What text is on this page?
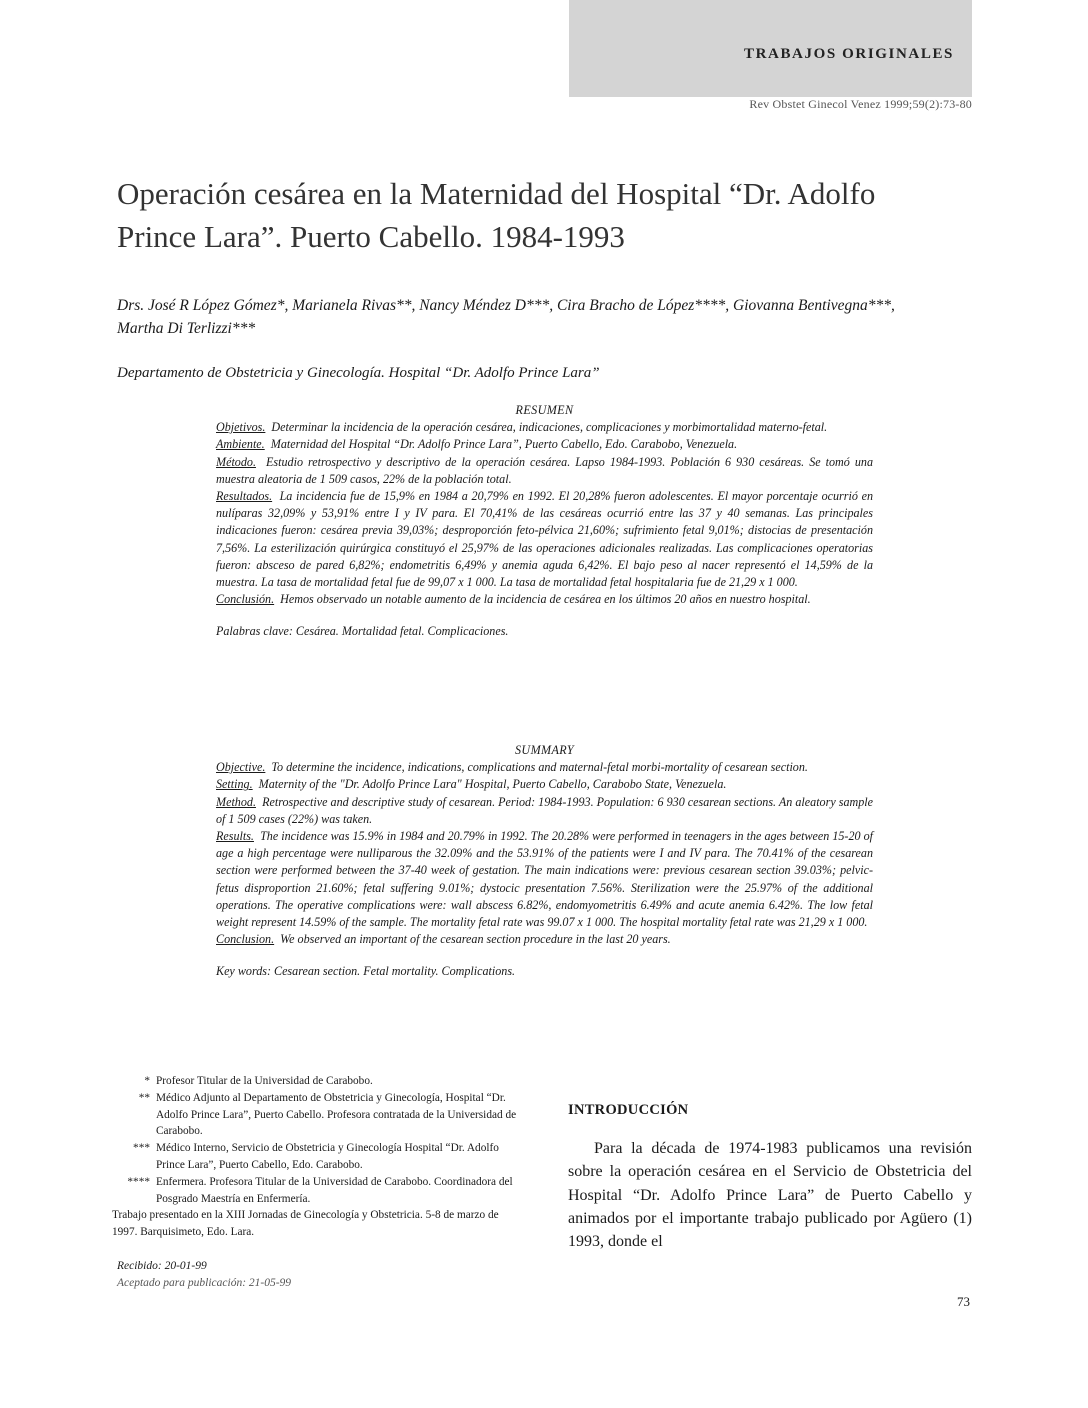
TRABAJOS ORIGINALES
Rev Obstet Ginecol Venez 1999;59(2):73-80
Operación cesárea en la Maternidad del Hospital “Dr. Adolfo Prince Lara”. Puerto Cabello. 1984-1993
Drs. José R López Gómez*, Marianela Rivas**, Nancy Méndez D***, Cira Bracho de López****, Giovanna Bentivegna***, Martha Di Terlizzi***
Departamento de Obstetricia y Ginecología. Hospital “Dr. Adolfo Prince Lara”

RESUMEN

Objetivos. Determinar la incidencia de la operación cesárea, indicaciones, complicaciones y morbimortalidad materno-fetal.

Ambiente. Maternidad del Hospital “Dr. Adolfo Prince Lara”, Puerto Cabello, Edo. Carabobo, Venezuela.

Método. Estudio retrospectivo y descriptivo de la operación cesárea. Lapso 1984-1993. Población 6 930 cesáreas. Se tomó una muestra aleatoria de 1 509 casos, 22% de la población total.

Resultados. La incidencia fue de 15,9% en 1984 a 20,79% en 1992. El 20,28% fueron adolescentes. El mayor porcentaje ocurrió en nulíparas 32,09% y 53,91% entre I y IV para. El 70,41% de las cesáreas ocurrió entre las 37 y 40 semanas. Las principales indicaciones fueron: cesárea previa 39,03%; desproporción feto-pélvica 21,60%; sufrimiento fetal 9,01%; distocias de presentación 7,56%. La esterilización quirúrgica constituyó el 25,97% de las operaciones adicionales realizadas. Las complicaciones operatorias fueron: absceso de pared 6,82%; endometritis 6,49% y anemia aguda 6,42%. El bajo peso al nacer representó el 14,59% de la muestra. La tasa de mortalidad fetal fue de 99,07 x 1 000. La tasa de mortalidad fetal hospitalaria fue de 21,29 x 1 000.

Conclusión. Hemos observado un notable aumento de la incidencia de cesárea en los últimos 20 años en nuestro hospital.

Palabras clave: Cesárea. Mortalidad fetal. Complicaciones.

SUMMARY

Objective. To determine the incidence, indications, complications and maternal-fetal morbi-mortality of cesarean section.

Setting. Maternity of the "Dr. Adolfo Prince Lara" Hospital, Puerto Cabello, Carabobo State, Venezuela.

Method. Retrospective and descriptive study of cesarean. Period: 1984-1993. Population: 6 930 cesarean sections. An aleatory sample of 1 509 cases (22%) was taken.

Results. The incidence was 15.9% in 1984 and 20.79% in 1992. The 20.28% were performed in teenagers in the ages between 15-20 of age a high percentage were nulliparous the 32.09% and the 53.91% of the patients were I and IV para. The 70.41% of the cesarean section were performed between the 37-40 week of gestation. The main indications were: previous cesarean section 39.03%; pelvic-fetus disproportion 21.60%; fetal suffering 9.01%; dystocic presentation 7.56%. Sterilization were the 25.97% of the additional operations. The operative complications were: wall abscess 6.82%, endomyometritis 6.49% and acute anemia 6.42%. The low fetal weight represent 14.59% of the sample. The mortality fetal rate was 99.07 x 1 000. The hospital mortality fetal rate was 21,29 x 1 000.

Conclusion. We observed an important of the cesarean section procedure in the last 20 years.

Key words: Cesarean section. Fetal mortality. Complications.

* Profesor Titular de la Universidad de Carabobo.
** Médico Adjunto al Departamento de Obstetricia y Ginecología, Hospital “Dr. Adolfo Prince Lara”, Puerto Cabello. Profesora contratada de la Universidad de Carabobo.
*** Médico Interno, Servicio de Obstetricia y Ginecología Hospital “Dr. Adolfo Prince Lara”, Puerto Cabello, Edo. Carabobo.
**** Enfermera. Profesora Titular de la Universidad de Carabobo. Coordinadora del Posgrado Maestría en Enfermería.

Trabajo presentado en la XIII Jornadas de Ginecología y Obstetricia. 5-8 de marzo de 1997. Barquisimeto, Edo. Lara.

Recibido: 20-01-99
Aceptado para publicación: 21-05-99
INTRODUCCIÓN

Para la década de 1974-1983 publicamos una revisión sobre la operación cesárea en el Servicio de Obstetricia del Hospital “Dr. Adolfo Prince Lara” de Puerto Cabello y animados por el importante trabajo publicado por Agüero (1) 1993, donde el

73
